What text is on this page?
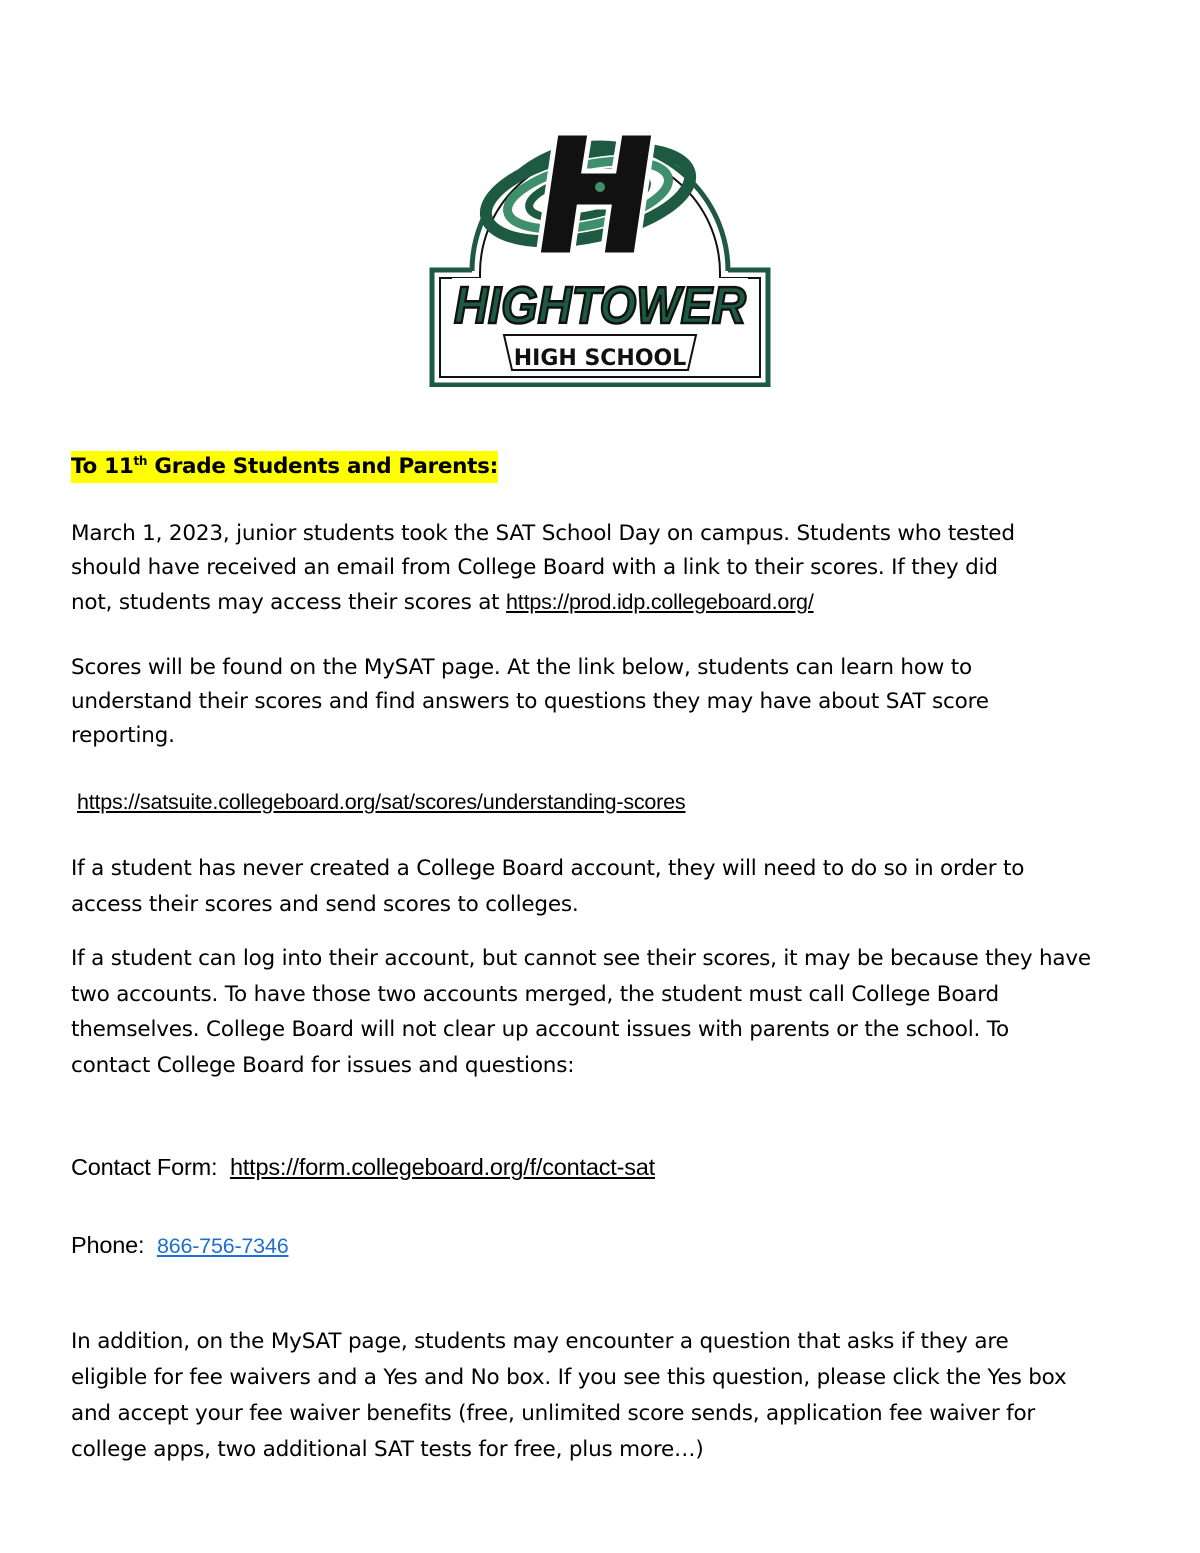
H
HIGHTOWER
HIGH SCHOOL
To 11th Grade Students and Parents:
March 1, 2023, junior students took the SAT School Day on campus. Students who tested
should have received an email from College Board with a link to their scores. If they did
not, students may access their scores at https://prod.idp.collegeboard.org/
Scores will be found on the MySAT page. At the link below, students can learn how to
understand their scores and find answers to questions they may have about SAT score
reporting.
https://satsuite.collegeboard.org/sat/scores/understanding-scores
If a student has never created a College Board account, they will need to do so in order to
access their scores and send scores to colleges.
If a student can log into their account, but cannot see their scores, it may be because they have
two accounts. To have those two accounts merged, the student must call College Board
themselves. College Board will not clear up account issues with parents or the school. To
contact College Board for issues and questions:
Contact Form:  https://form.collegeboard.org/f/contact-sat
Phone:  866-756-7346
In addition, on the MySAT page, students may encounter a question that asks if they are
eligible for fee waivers and a Yes and No box. If you see this question, please click the Yes box
and accept your fee waiver benefits (free, unlimited score sends, application fee waiver for
college apps, two additional SAT tests for free, plus more…)
